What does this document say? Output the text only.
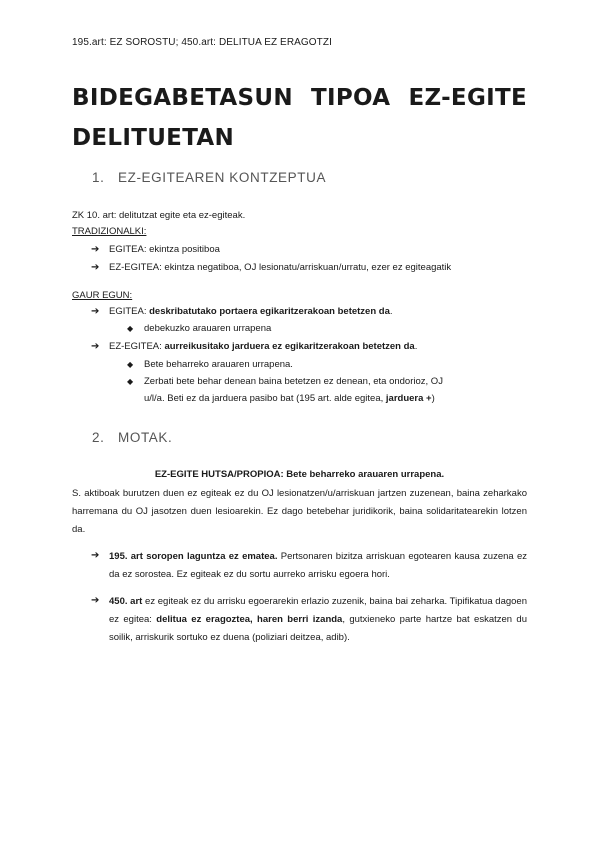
195.art: EZ SOROSTU; 450.art: DELITUA EZ ERAGOTZI
BIDEGABETASUN TIPOA EZ-EGITE
DELITUETAN
1. EZ-EGITEAREN KONTZEPTUA
ZK 10. art: delitutzat egite eta ez-egiteak.
TRADIZIONALKI:
➔ EGITEA: ekintza positiboa
➔ EZ-EGITEA: ekintza negatiboa, OJ lesionatu/arriskuan/urratu, ezer ez egiteagatik
GAUR EGUN:
➔ EGITEA: deskribatutako portaera egikaritzerakoan betetzen da.
◆ debekuzko arauaren urrapena
➔ EZ-EGITEA: aurreikusitako jarduera ez egikaritzerakoan betetzen da.
◆ Bete beharreko arauaren urrapena.
◆ Zerbati bete behar denean baina betetzen ez denean, eta ondorioz, OJ
u/l/a. Beti ez da jarduera pasibo bat (195 art. alde egitea, jarduera +)
2. MOTAK.
EZ-EGITE HUTSA/PROPIOA: Bete beharreko arauaren urrapena.
S. aktiboak burutzen duen ez egiteak ez du OJ lesionatzen/u/arriskuan jartzen zuzenean, baina zeharkako harremana du OJ jasotzen duen lesioarekin. Ez dago betebehar juridikorik, baina solidaritatearekin lotzen da.
➔ 195. art soropen laguntza ez ematea. Pertsonaren bizitza arriskuan egotearen kausa zuzena ez da ez sorostea. Ez egiteak ez du sortu aurreko arrisku egoera hori.
➔ 450. art ez egiteak ez du arrisku egoerarekin erlazio zuzenik, baina bai zeharka. Tipifikatua dagoen ez egitea: delitua ez eragoztea, haren berri izanda, gutxieneko parte hartze bat eskatzen du soilik, arriskurik sortuko ez duena (poliziari deitzea, adib).
